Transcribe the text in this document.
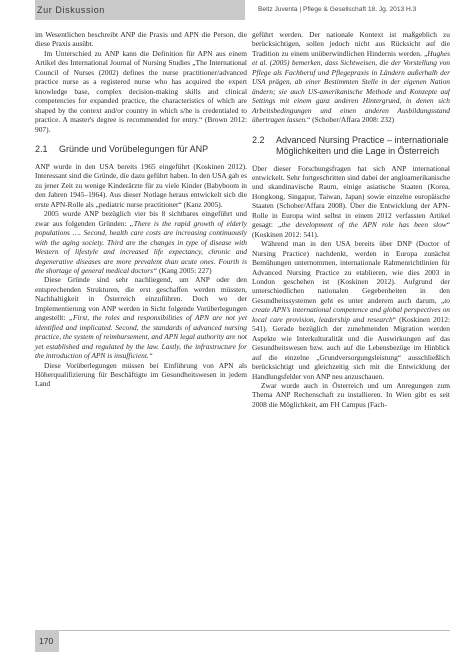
Zur Diskussion	Beltz Juventa | Pflege & Gesellschaft 18. Jg. 2013 H.3

im Wesentlichen beschreibt ANP die Praxis und APN die Person, die diese Praxis ausübt.

Im Unterschied zu ANP kann die Definition für APN aus einem Artikel des International Journal of Nursing Studies „The International Council of Nurses (2002) defines the nurse practitioner/advanced practice nurse as a registered nurse who has acquired the expert knowledge base, complex decision-making skills and clinical competencies for expanded practice, the characteristics of which are shaped by the context and/or country in which s/he is credentialed to practice. A master's degree is recommended for entry.“ (Brown 2012: 907).

2.1	Gründe und Vorübelegungen für ANP

ANP wurde in den USA bereits 1965 eingeführt (Koskinen 2012). Interessant sind die Gründe, die dazu geführt haben. In den USA gab es zu jener Zeit zu wenige Kinderärzte für zu viele Kinder (Babyboom in den Jahren 1945–1964). Aus dieser Notlage heraus entwickelt sich die erste APN-Rolle als „pediatric nurse practitioner“ (Kanz 2005).

2005 wurde ANP bezüglich vier bis 8 sichtbares eingeführt und zwar aus folgenden Gründen: „There is the rapid growth of elderly populations …. Second, health care costs are increasing continuously with the aging society. Third are the changes in type of disease with Western of lifestyle and increased life expectancy, chronic and degenerative diseases are more prevalent than acute ones. Fourth is the shortage of general medical doctors“ (Kang 2005: 227)

Diese Gründe sind sehr nachliegend, um ANP oder den entsprechenden Strukturen, die erst geschaffen werden müssten, Nachhaltigkeit in Österreich einzuführen. Doch wo der Implementierung von ANP werden in Sicht folgende Vorüberlegungen angestellt: „First, the roles and responsibilities of APN are not yet identified and implicated. Second, the standards of advanced nursing practice, the system of reimbursement, and APN legal authority are not yet established and regulated by the law. Lastly, the infrastructure for the introduction of APN is insufficient.“

Diese Vorüberlegungen müssen bei Einführung von APN als Höherqualifizierung für Beschäftigte im Gesundheitswesen in jedem Land

geführt werden. Der nationale Kontext ist maßgeblich zu berücksichtigen, sollen jedoch nicht aus Rücksicht auf die Tradition zu einem unüberwindlichen Hindernis werden. „Hughes et al. (2005) bemerken, dass Sichtweisen, die der Vorstellung von Pflege als Fachberuf und Pflegepraxis in Ländern außerhalb der USA prägen, ab einer Bestimmten Stelle in der eigenen Nation ändern; sie auch US-amerikanische Methode und Konzepte auf Settings mit einem ganz anderen Hintergrund, in denen sich Arbeitsbedingungen und einen anderen Ausbildungsstand übertragen lassen.“ (Schober/Affara 2008: 232)

2.2	Advanced Nursing Practice – internationale Möglichkeiten und die Lage in Österreich

Über dieser Forschungsfragen hat sich ANP international entwickelt. Sehr fortgeschritten sind dabei der angloamerikanische und skandinavische Raum, einige asiatische Staaten (Korea, Hongkong, Singapur, Taiwan, Japan) sowie einzelne europäische Staaten (Schober/Affara 2008). Über die Entwicklung der APN-Rolle in Europa wird selbst in einem 2012 verfassten Artikel gesagt: „the development of the APN role has been slow“ (Koskinen 2012: 541).

Während man in den USA bereits über DNP (Doctor of Nursing Practice) nachdenkt, werden in Europa zunächst Bemühungen unternommen, internationale Rahmenrichtlinien für Advanced Nursing Practice zu etablieren, wie dies 2003 in London geschehen ist (Koskinen 2012). Aufgrund der unterschiedlichen nationalen Gegebenheiten in den Gesundheitssystemen geht es unter anderem auch darum, „to create APN’s international competence and global perspectives on local care provision, leadership and research“ (Koskinen 2012: 541). Gerade bezüglich der zunehmenden Migration werden Aspekte wie Interkulturalität und die Auswirkungen auf das Gesundheitswesen bzw. auch auf die Lebensbezüge im Hinblick auf die einzelne „Grundversorgungsleistung“ ausschließlich berücksichtigt und gleichzeitig sich mit die Entwicklung der Handlungsfelder von ANP neu anzuschauen.

Zwar wurde auch in Österreich und um Anregungen zum Thema ANP Rechenschaft zu installieren. In Wien gibt es seit 2008 die Möglichkeit, am FH Campus (Fach-

170
